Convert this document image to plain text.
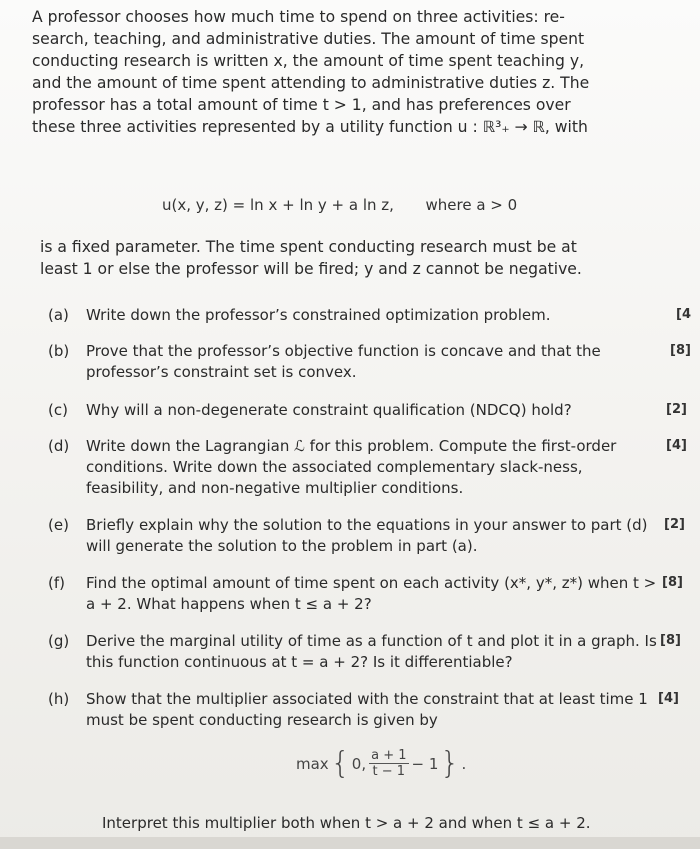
A professor chooses how much time to spend on three activities: re-
search, teaching, and administrative duties. The amount of time spent
conducting research is written x, the amount of time spent teaching y,
and the amount of time spent attending to administrative duties z. The
professor has a total amount of time t > 1, and has preferences over
these three activities represented by a utility function u : ℝ³₊ → ℝ, with
u(x, y, z) = ln x + ln y + a ln z, where a > 0
is a fixed parameter. The time spent conducting research must be at
least 1 or else the professor will be fired; y and z cannot be negative.
(a)	Write down the professor’s constrained optimization problem.	[4
(b)	Prove that the professor’s objective function is concave and that the professor’s constraint set is convex.
[8]
(c)	Why will a non-degenerate constraint qualification (NDCQ) hold?	[2]
(d)	Write down the Lagrangian ℒ for this problem. Compute the first-order conditions. Write down the associated complementary slack-ness, feasibility, and non-negative multiplier conditions.
[4]
(e)	Briefly explain why the solution to the equations in your answer to part (d) will generate the solution to the problem in part (a).
[2]
(f)	Find the optimal amount of time spent on each activity (x*, y*, z*) when t > a + 2. What happens when t ≤ a + 2?
[8]
(g)	Derive the marginal utility of time as a function of t and plot it in a graph. Is this function continuous at t = a + 2? Is it differentiable?
[8]
(h)	Show that the multiplier associated with the constraint that at least time 1 must be spent conducting research is given by
[4]
max { 0, $\frac{a + 1}{t - 1} - 1$ } .
Interpret this multiplier both when t > a + 2 and when t ≤ a + 2.
